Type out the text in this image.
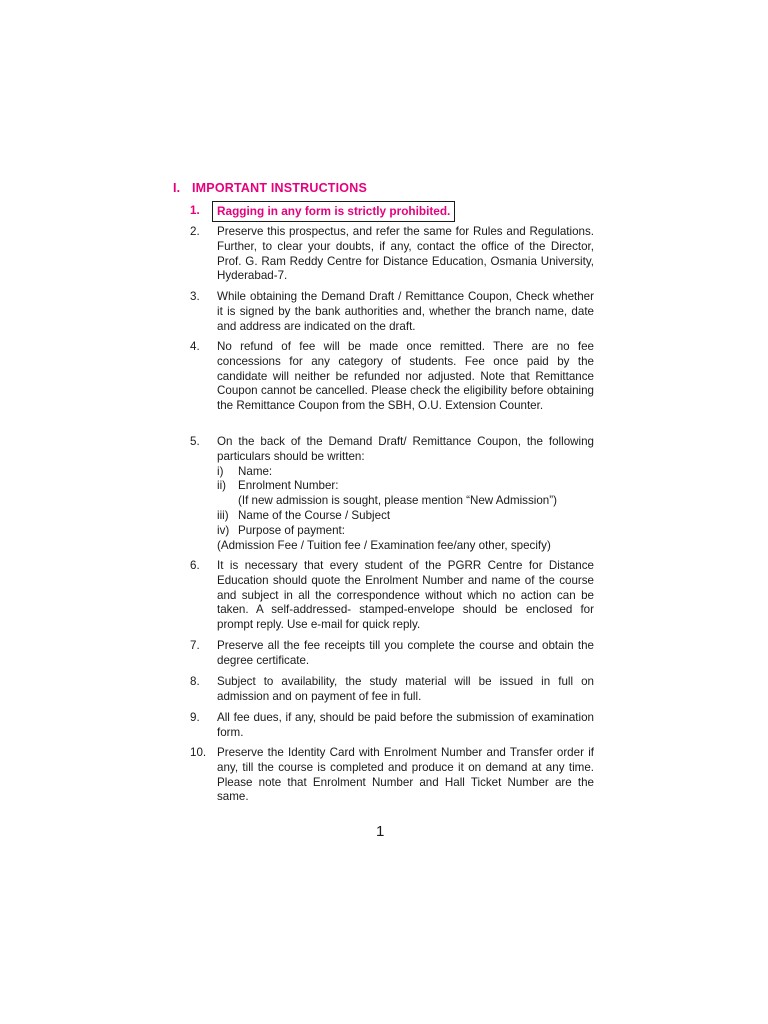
I. IMPORTANT INSTRUCTIONS
1.	Ragging in any form is strictly prohibited.
2.	Preserve this prospectus, and refer the same for Rules and Regulations. Further, to clear your doubts, if any, contact the office of the Director, Prof. G. Ram Reddy Centre for Distance Education, Osmania University, Hyderabad-7.
3.	While obtaining the Demand Draft / Remittance Coupon, Check whether it is signed by the bank authorities and, whether the branch name, date and address are indicated on the draft.
4.	No refund of fee will be made once remitted. There are no fee concessions for any category of students. Fee once paid by the candidate will neither be refunded nor adjusted. Note that Remittance Coupon cannot be cancelled. Please check the eligibility before obtaining the Remittance Coupon from the SBH, O.U. Extension Counter.
5.	On the back of the Demand Draft/ Remittance Coupon, the following particulars should be written:
i) Name:
ii) Enrolment Number:
(If new admission is sought, please mention “New Admission”)
iii) Name of the Course / Subject
iv) Purpose of payment:
(Admission Fee / Tuition fee / Examination fee/any other, specify)
6.	It is necessary that every student of the PGRR Centre for Distance Education should quote the Enrolment Number and name of the course and subject in all the correspondence without which no action can be taken. A self-addressed- stamped-envelope should be enclosed for prompt reply. Use e-mail for quick reply.
7.	Preserve all the fee receipts till you complete the course and obtain the degree certificate.
8.	Subject to availability, the study material will be issued in full on admission and on payment of fee in full.
9.	All fee dues, if any, should be paid before the submission of examination form.
10. Preserve the Identity Card with Enrolment Number and Transfer order if any, till the course is completed and produce it on demand at any time. Please note that Enrolment Number and Hall Ticket Number are the same.
1
